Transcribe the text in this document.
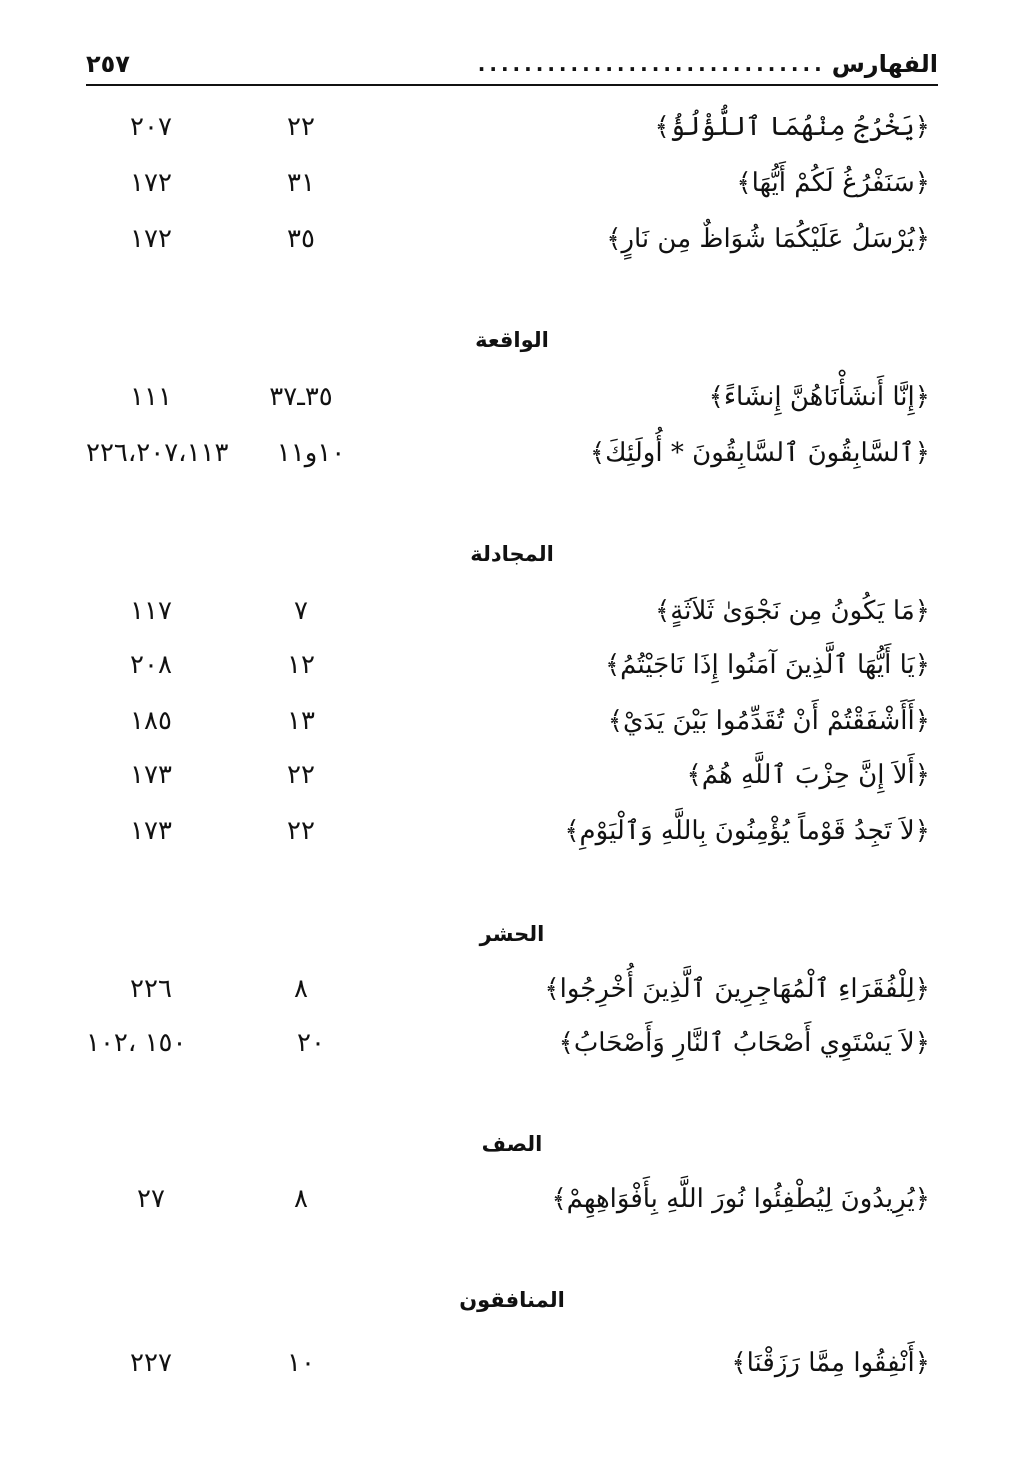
الفهارس
..............................
٢٥٧
﴿يَخْرُجُ مِنْهُمَا ٱللُّؤْلُؤُ﴾
٢٢
٢٠٧
﴿سَنَفْرُغُ لَكُمْ أَيُّهَا﴾
٣١
١٧٢
﴿يُرْسَلُ عَلَيْكُمَا شُوَاظٌ مِن نَارٍ﴾
٣٥
١٧٢
الواقعة
﴿إِنَّا أَنشَأْنَاهُنَّ إِنشَاءً﴾
٣٥ـ٣٧
١١١
﴿ٱلسَّابِقُونَ ٱلسَّابِقُونَ * أُولَئِكَ﴾
١٠و١١
٢٢٦،٢٠٧،١١٣
المجادلة
﴿مَا يَكُونُ مِن نَجْوَىٰ ثَلاَثَةٍ﴾
٧
١١٧
﴿يَا أَيُّهَا ٱلَّذِينَ آمَنُوا إِذَا نَاجَيْتُمُ﴾
١٢
٢٠٨
﴿أَأَشْفَقْتُمْ أَنْ تُقَدِّمُوا بَيْنَ يَدَيْ﴾
١٣
١٨٥
﴿أَلاَ إِنَّ حِزْبَ ٱللَّهِ هُمُ﴾
٢٢
١٧٣
﴿لاَ تَجِدُ قَوْماً يُؤْمِنُونَ بِاللَّهِ وَٱلْيَوْمِ﴾
٢٢
١٧٣
الحشر
﴿لِلْفُقَرَاءِ ٱلْمُهَاجِرِينَ ٱلَّذِينَ أُخْرِجُوا﴾
٨
٢٢٦
﴿لاَ يَسْتَوِي أَصْحَابُ ٱلنَّارِ وَأَصْحَابُ﴾
٢٠
١٥٠ ،١٠٢
الصف
﴿يُرِيدُونَ لِيُطْفِئُوا نُورَ اللَّهِ بِأَفْوَاهِهِمْ﴾
٨
٢٧
المنافقون
﴿أَنْفِقُوا مِمَّا رَزَقْنَا﴾
١٠
٢٢٧
